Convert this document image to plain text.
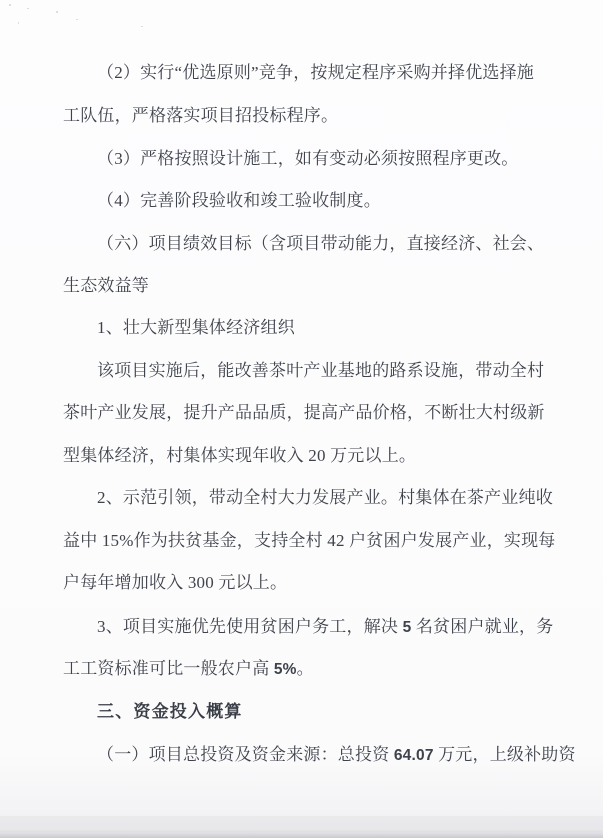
（2）实行“优选原则”竞争，按规定程序采购并择优选择施
工队伍，严格落实项目招投标程序。
（3）严格按照设计施工，如有变动必须按照程序更改。
（4）完善阶段验收和竣工验收制度。
（六）项目绩效目标（含项目带动能力，直接经济、社会、
生态效益等
1、壮大新型集体经济组织
该项目实施后，能改善茶叶产业基地的路系设施，带动全村
茶叶产业发展，提升产品品质，提高产品价格，不断壮大村级新
型集体经济，村集体实现年收入 20 万元以上。
2、示范引领，带动全村大力发展产业。村集体在茶产业纯收
益中 15%作为扶贫基金，支持全村 42 户贫困户发展产业，实现每
户每年增加收入 300 元以上。
3、项目实施优先使用贫困户务工，解决 5 名贫困户就业，务
工工资标准可比一般农户高 5%。
三、资金投入概算
（一）项目总投资及资金来源：总投资 64.07 万元，上级补助资
